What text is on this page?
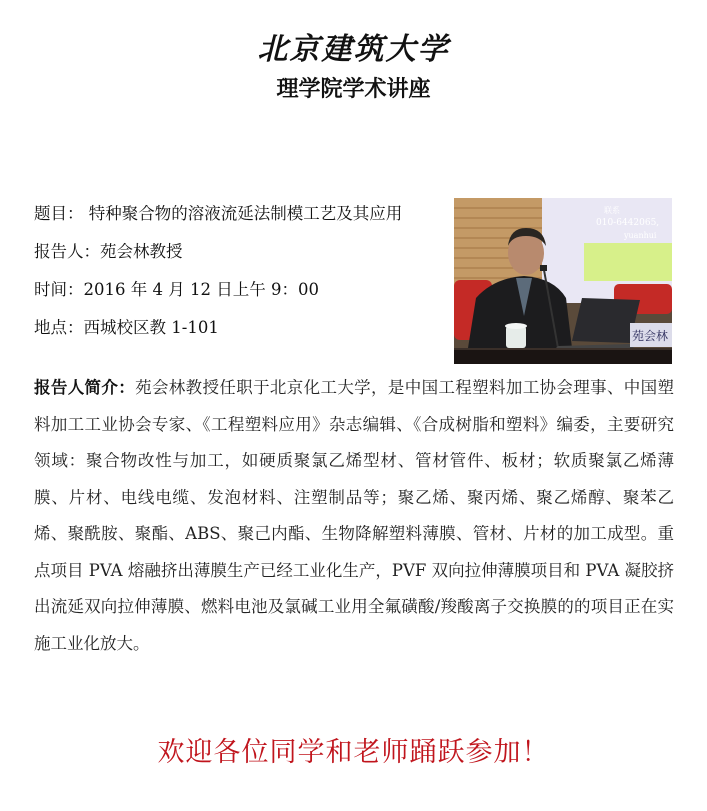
北京建筑大学
理学院学术讲座
题目： 特种聚合物的溶液流延法制模工艺及其应用
报告人：苑会林教授
时间：2016 年 4 月 12 日上午 9：00
地点：西城校区教 1-101
联系
010-6442065,
yuanhui
苑会林
报告人简介：苑会林教授任职于北京化工大学，是中国工程塑料加工协会理事、中国塑料加工工业协会专家、《工程塑料应用》杂志编辑、《合成树脂和塑料》编委，主要研究领域：聚合物改性与加工，如硬质聚氯乙烯型材、管材管件、板材；软质聚氯乙烯薄膜、片材、电线电缆、发泡材料、注塑制品等；聚乙烯、聚丙烯、聚乙烯醇、聚苯乙烯、聚酰胺、聚酯、ABS、聚己内酯、生物降解塑料薄膜、管材、片材的加工成型。重点项目 PVA 熔融挤出薄膜生产已经工业化生产，PVF 双向拉伸薄膜项目和 PVA 凝胶挤出流延双向拉伸薄膜、燃料电池及氯碱工业用全氟磺酸/羧酸离子交换膜的的项目正在实施工业化放大。
欢迎各位同学和老师踊跃参加！
